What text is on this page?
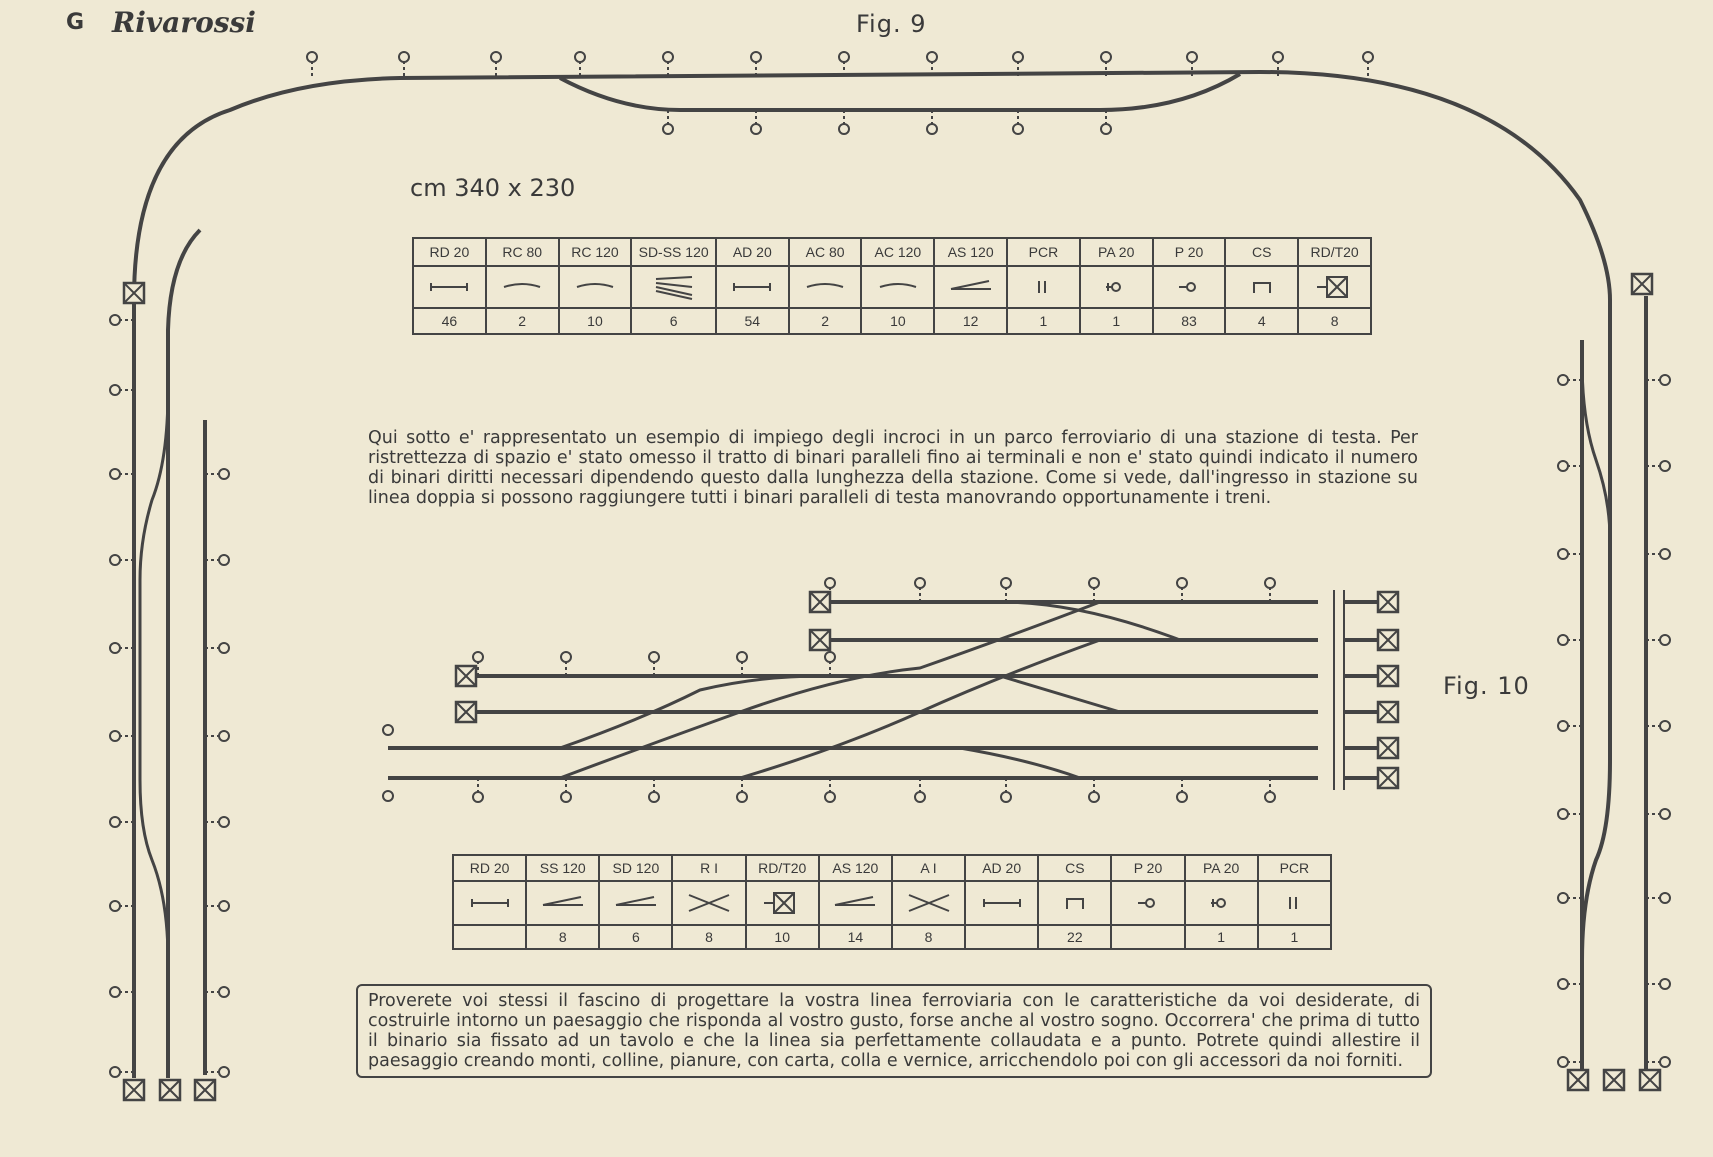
G Rivarossi	Fig. 9
Fig. 10
cm 340 x 230
RD 20	RC 80	RC 120	SD-SS 120	AD 20	AC 80	AC 120	AS 120	PCR	PA 20	P 20	CS	RD/T20

46	2	10	6	54	2	10	12	1	1	83	4	8
Qui sotto e' rappresentato un esempio di impiego degli incroci in un parco ferroviario di una stazione di testa. Per ristrettezza di spazio e' stato omesso il tratto di binari paralleli fino ai terminali e non e' stato quindi indicato il numero di binari diritti necessari dipendendo questo dalla lunghezza della stazione. Come si vede, dall'ingresso in stazione su linea doppia si possono raggiungere tutti i binari paralleli di testa manovrando opportunamente i treni.
RD 20	SS 120	SD 120	R I	RD/T20	AS 120	A I	AD 20	CS	P 20	PA 20	PCR

	8	6	8	10	14	8		22		1	1
Proverete voi stessi il fascino di progettare la vostra linea ferroviaria con le caratteristiche da voi desiderate, di costruirle intorno un paesaggio che risponda al vostro gusto, forse anche al vostro sogno. Occorrera' che prima di tutto il binario sia fissato ad un tavolo e che la linea sia perfettamente collaudata e a punto. Potrete quindi allestire il paesaggio creando monti, colline, pianure, con carta, colla e vernice, arricchendolo poi con gli accessori da noi forniti.
